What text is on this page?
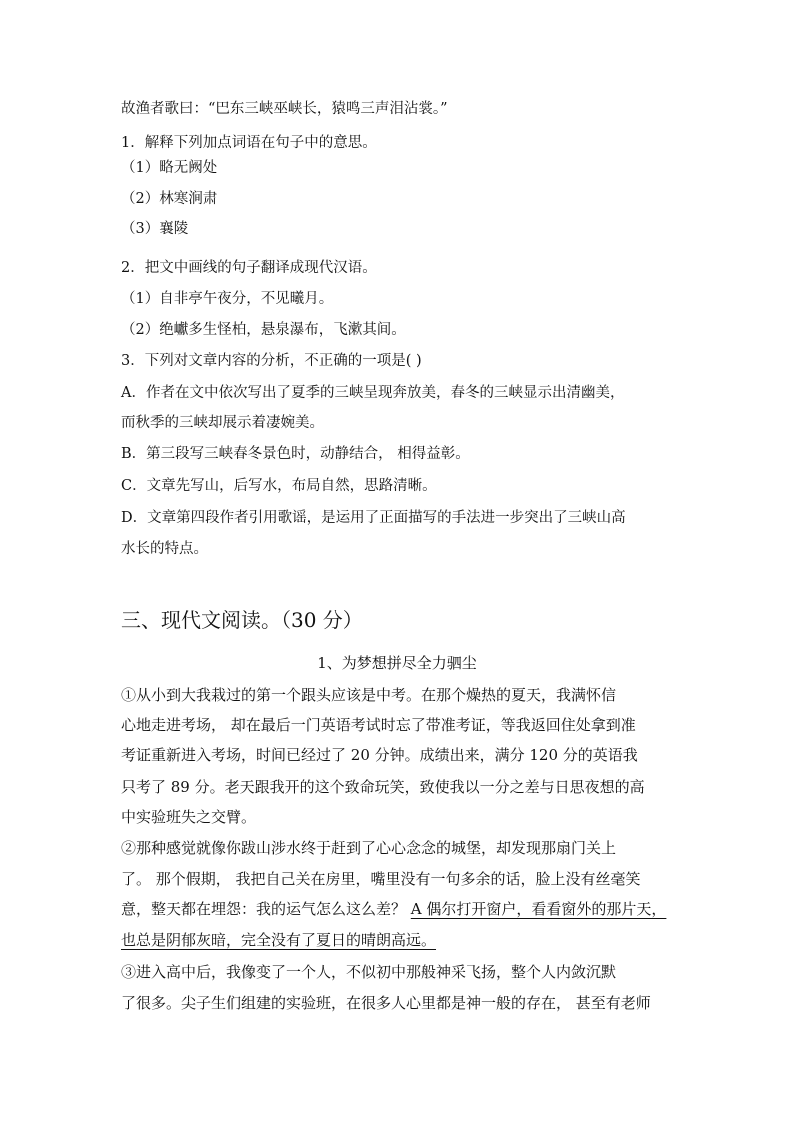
故渔者歌曰：“巴东三峡巫峡长，猿鸣三声泪沾裳。”
1．解释下列加点词语在句子中的意思。
（1）略无阙处
（2）林寒涧肃
（3）襄陵
2．把文中画线的句子翻译成现代汉语。
（1）自非亭午夜分，不见曦月。
（2）绝巘多生怪柏，悬泉瀑布，飞漱其间。
3．下列对文章内容的分析，不正确的一项是( )
A．作者在文中依次写出了夏季的三峡呈现奔放美，春冬的三峡显示出清幽美，
而秋季的三峡却展示着凄婉美。
B．第三段写三峡春冬景色时，动静结合， 相得益彰。
C．文章先写山，后写水，布局自然，思路清晰。
D．文章第四段作者引用歌谣，是运用了正面描写的手法进一步突出了三峡山高
水长的特点。
三、现代文阅读。（30 分）
1、为梦想拼尽全力驷尘
①从小到大我栽过的第一个跟头应该是中考。在那个燥热的夏天，我满怀信
心地走进考场， 却在最后一门英语考试时忘了带准考证，等我返回住处拿到准
考证重新进入考场，时间已经过了 20 分钟。成绩出来，满分 120 分的英语我
只考了 89 分。老天跟我开的这个致命玩笑，致使我以一分之差与日思夜想的高
中实验班失之交臂。
②那种感觉就像你跋山涉水终于赶到了心心念念的城堡，却发现那扇门关上
了。 那个假期， 我把自己关在房里，嘴里没有一句多余的话，脸上没有丝毫笑
意，整天都在埋怨：我的运气怎么这么差？ A 偶尔打开窗户，看看窗外的那片天，
也总是阴郁灰暗，完全没有了夏日的晴朗高远。
③进入高中后，我像变了一个人，不似初中那般神采飞扬，整个人内敛沉默
了很多。尖子生们组建的实验班，在很多人心里都是神一般的存在， 甚至有老师
